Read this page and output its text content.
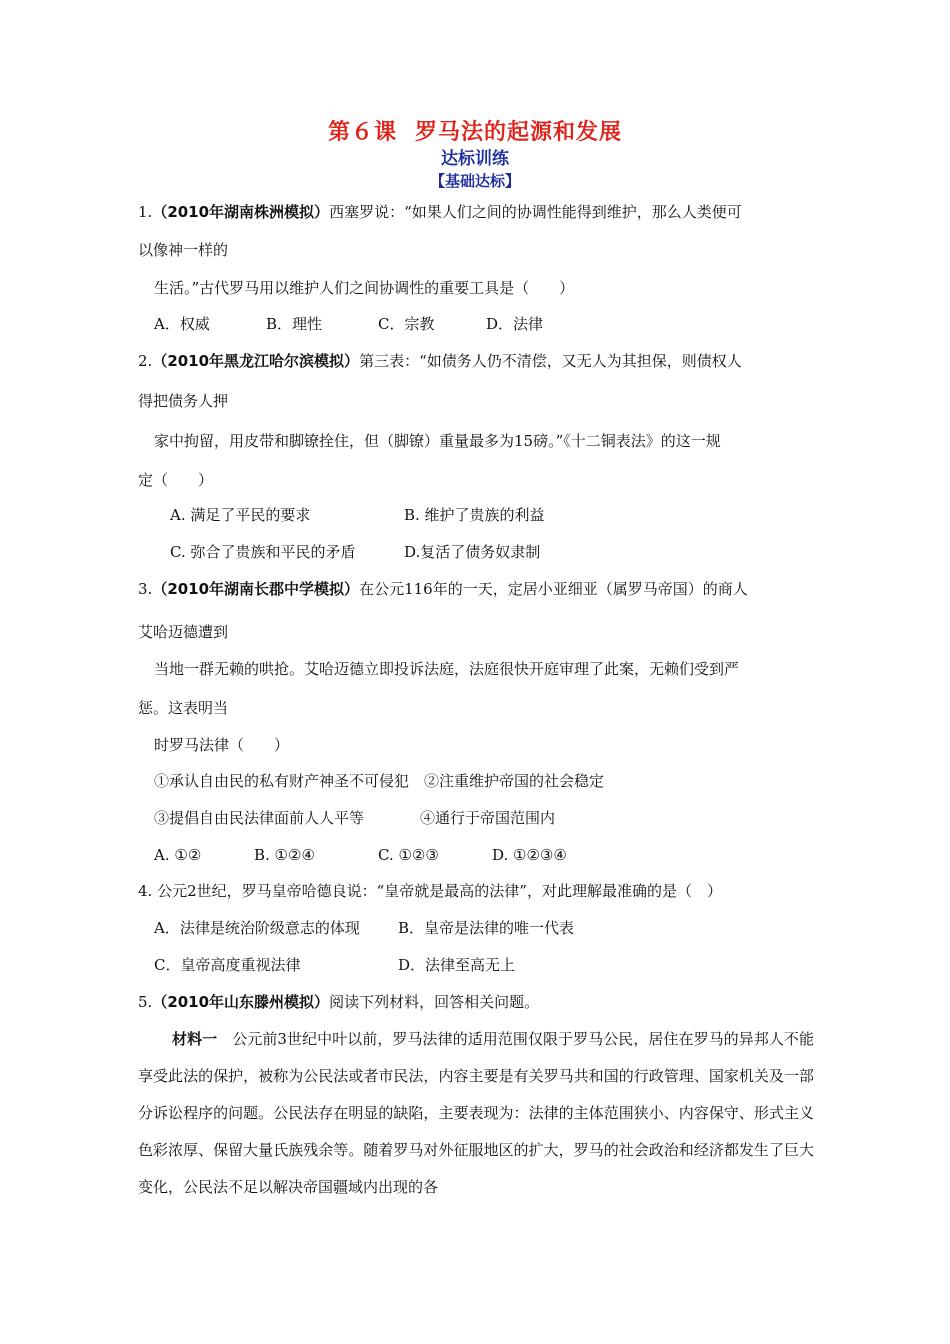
第６课 罗马法的起源和发展
达标训练
【基础达标】
1.（2010年湖南株洲模拟）西塞罗说：“如果人们之间的协调性能得到维护，那么人类便可
以像神一样的
生活。”古代罗马用以维护人们之间协调性的重要工具是（　　）
A．权威	B．理性	C．宗教	D．法律
2.（2010年黑龙江哈尔滨模拟）第三表：“如债务人仍不清偿，又无人为其担保，则债权人
得把债务人押
家中拘留，用皮带和脚镣拴住，但（脚镣）重量最多为15磅。”《十二铜表法》的这一规
定（　　）
A. 满足了平民的要求	B. 维护了贵族的利益
C. 弥合了贵族和平民的矛盾	D.复活了债务奴隶制
3.（2010年湖南长郡中学模拟）在公元116年的一天，定居小亚细亚（属罗马帝国）的商人
艾哈迈德遭到
当地一群无赖的哄抢。艾哈迈德立即投诉法庭，法庭很快开庭审理了此案，无赖们受到严
惩。这表明当
时罗马法律（　　）
①承认自由民的私有财产神圣不可侵犯　 ②注重维护帝国的社会稳定
③提倡自由民法律面前人人平等	④通行于帝国范围内
A. ①②	B. ①②④	C. ①②③	D. ①②③④
4. 公元2世纪，罗马皇帝哈德良说：“皇帝就是最高的法律”，对此理解最准确的是（　）
A．法律是统治阶级意志的体现	B．皇帝是法律的唯一代表
C．皇帝高度重视法律	D．法律至高无上
5.（2010年山东滕州模拟）阅读下列材料，回答相关问题。
材料一　 公元前3世纪中叶以前，罗马法律的适用范围仅限于罗马公民，居住在罗马的异邦人不能享受此法的保护，被称为公民法或者市民法，内容主要是有关罗马共和国的行政管理、国家机关及一部分诉讼程序的问题。公民法存在明显的缺陷，主要表现为：法律的主体范围狭小、内容保守、形式主义色彩浓厚、保留大量氏族残余等。随着罗马对外征服地区的扩大，罗马的社会政治和经济都发生了巨大变化，公民法不足以解决帝国疆域内出现的各
